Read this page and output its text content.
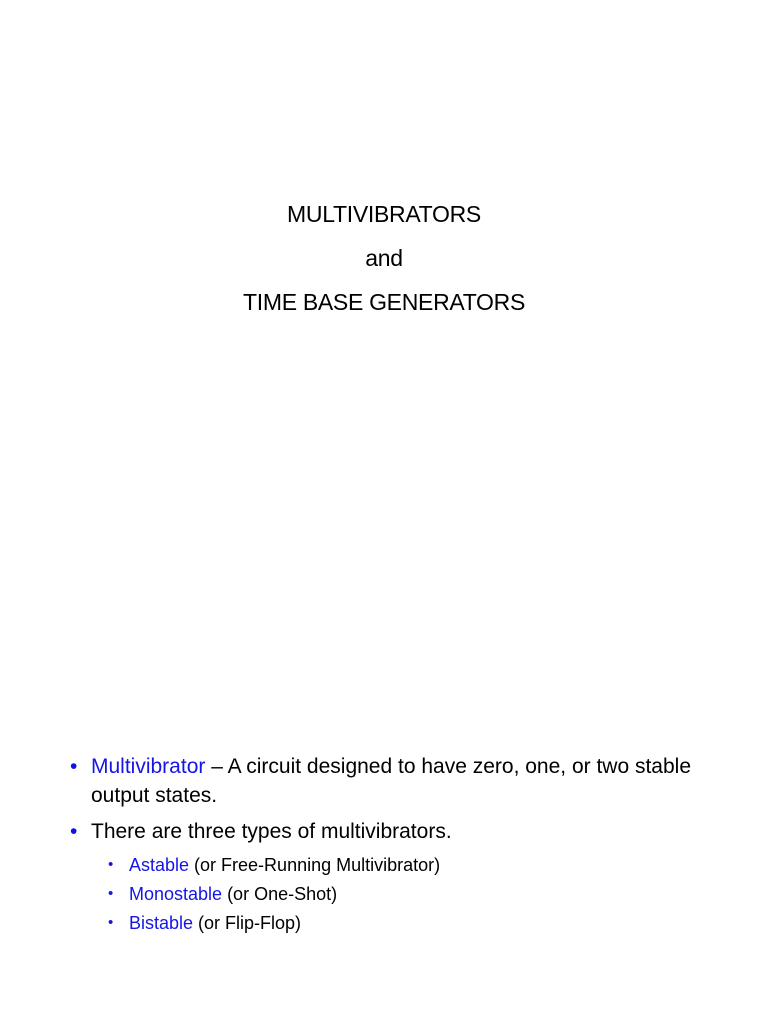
MULTIVIBRATORS
and
TIME BASE GENERATORS
• Multivibrator – A circuit designed to have zero, one, or two stable output states.
• There are three types of multivibrators.
• Astable (or Free-Running Multivibrator)
• Monostable (or One-Shot)
• Bistable (or Flip-Flop)
